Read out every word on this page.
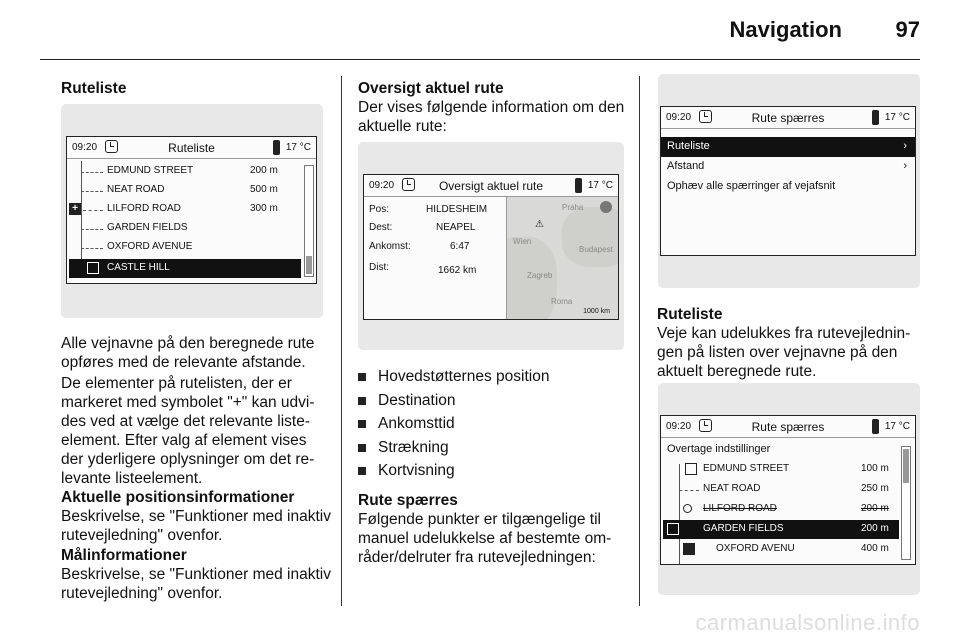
Navigation 97
Ruteliste
09:20	Ruteliste	17 °C
EDMUND STREET	200 m
NEAT ROAD	500 m
+	LILFORD ROAD	300 m
GARDEN FIELDS
OXFORD AVENUE
CASTLE HILL
Alle vejnavne på den beregnede rute opføres med de relevante afstande.
De elementer på rutelisten, der er markeret med symbolet "+" kan udvides ved at vælge det relevante listeelement. Efter valg af element vises der yderligere oplysninger om det relevante listeelement.
Aktuelle positionsinformationer
Beskrivelse, se "Funktioner med inaktiv rutevejledning" ovenfor.
Målinformationer
Beskrivelse, se "Funktioner med inaktiv rutevejledning" ovenfor.
Oversigt aktuel rute
Der vises følgende information om den aktuelle rute:
09:20	Oversigt aktuel rute	17 °C
Pos:	HILDESHEIM
Dest:	NEAPEL
Ankomst:	6:47
Dist:	1662 km
Praha
Wien
Budapest
Zagreb
Roma
⚠
1000 km
Hovedstøtternes position
Destination
Ankomsttid
Strækning
Kortvisning
Rute spærres
Følgende punkter er tilgængelige til manuel udelukkelse af bestemte områder/delruter fra rutevejledningen:
09:20	Rute spærres	17 °C
Ruteliste	›
Afstand	›
Ophæv alle spærringer af vejafsnit
Ruteliste
Veje kan udelukkes fra rutevejledningen på listen over vejnavne på den aktuelt beregnede rute.
09:20	Rute spærres	17 °C
Overtage indstillinger
EDMUND STREET	100 m
NEAT ROAD	250 m
LILFORD ROAD	200 m
GARDEN FIELDS	200 m
OXFORD AVENU	400 m
carmanualsonline.info
